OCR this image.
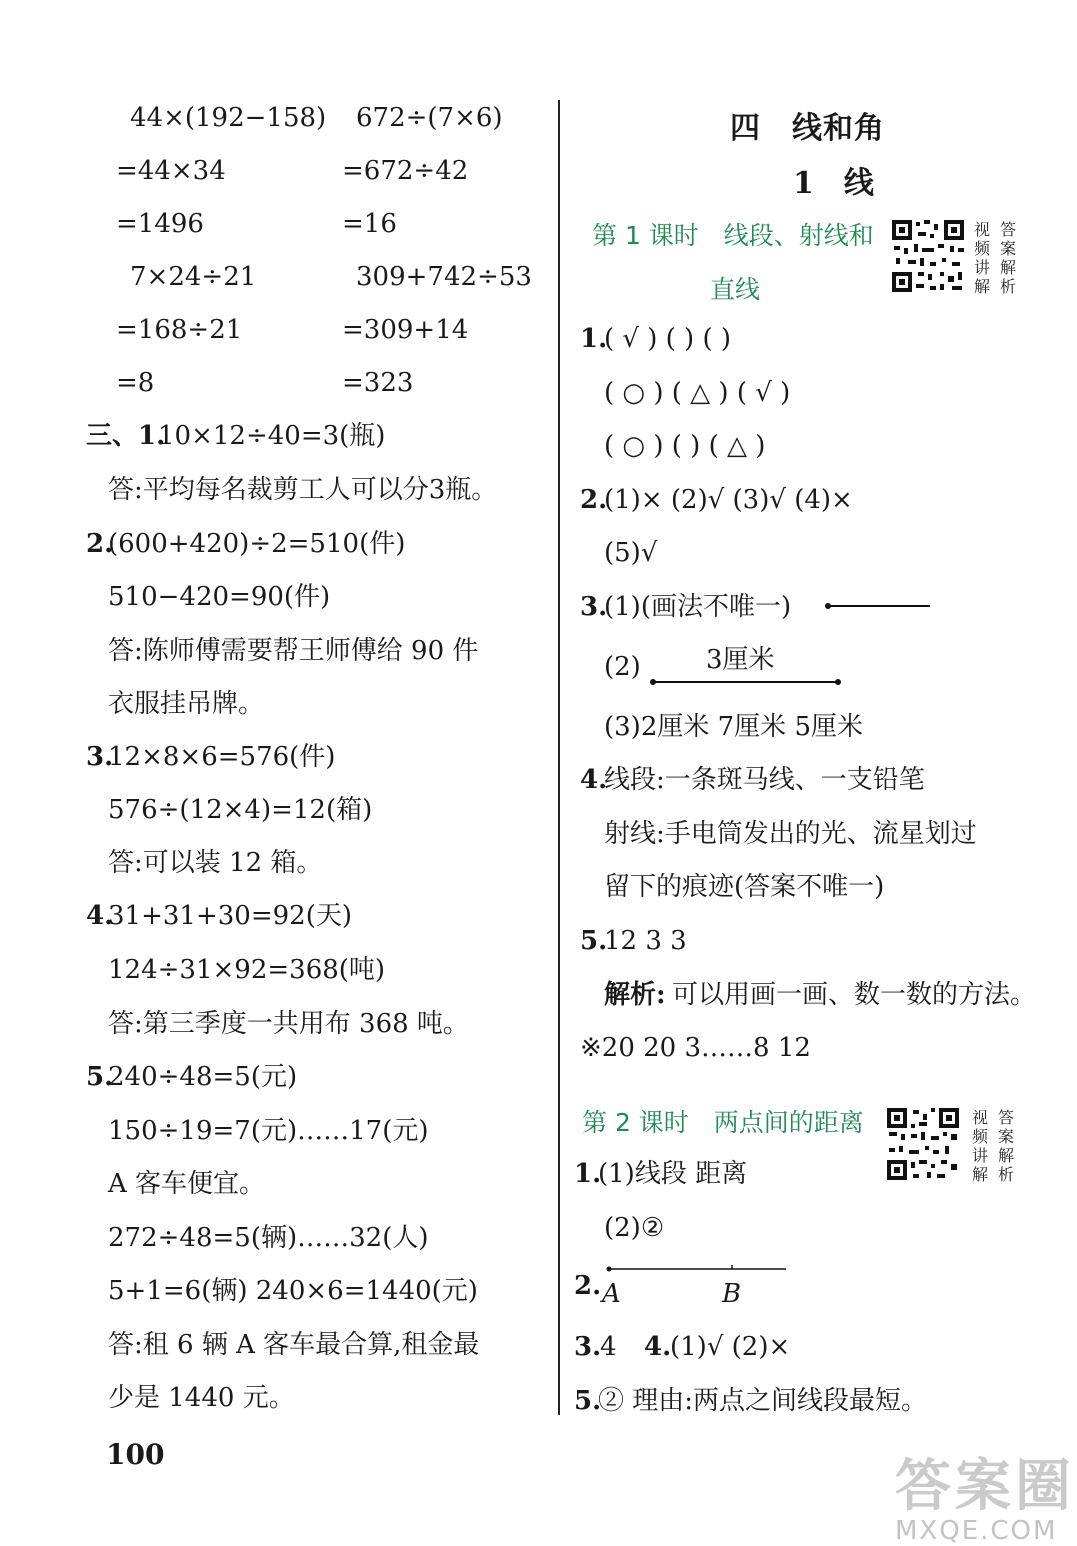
44×(192−158) 672÷(7×6)
=44×34	=672÷42
=1496	=16
7×24÷21	309+742÷53
=168÷21	=309+14
=8	=323
三、1.
10×12÷40=3(瓶)
答:平均每名裁剪工人可以分3瓶。
2.
(600+420)÷2=510(件)
510−420=90(件)
答:陈师傅需要帮王师傅给 90 件
衣服挂吊牌。
3.
12×8×6=576(件)
576÷(12×4)=12(箱)
答:可以装 12 箱。
4.
31+31+30=92(天)
124÷31×92=368(吨)
答:第三季度一共用布 368 吨。
5.
240÷48=5(元)
150÷19=7(元)……17(元)
A 客车便宜。
272÷48=5(辆)……32(人)
5+1=6(辆) 240×6=1440(元)
答:租 6 辆 A 客车最合算,租金最
少是 1440 元。
四　线和角
1　线
第 1 课时　线段、射线和
直线
视
频
讲
解
答
案
解
析
1.
( √ ) ( ) ( )
( ○ ) ( △ ) ( √ )
( ○ ) ( ) ( △ )
2.
(1)× (2)√ (3)√ (4)×
(5)√
3.
(1)(画法不唯一)
(2)	3厘米
(3)2厘米 7厘米 5厘米
4.
线段:一条斑马线、一支铅笔
射线:手电筒发出的光、流星划过
留下的痕迹(答案不唯一)
5.
12 3 3
解析: 可以用画一画、数一数的方法。
※20 20 3……8 12
第 2 课时　两点间的距离	视
频
讲
解
答
案
解
析
1.
(1)线段 距离
(2)②
2. A	B
3.
4 4.
(1)√ (2)×
5.
② 理由:两点之间线段最短。
100	答案圈
MXQE.COM
